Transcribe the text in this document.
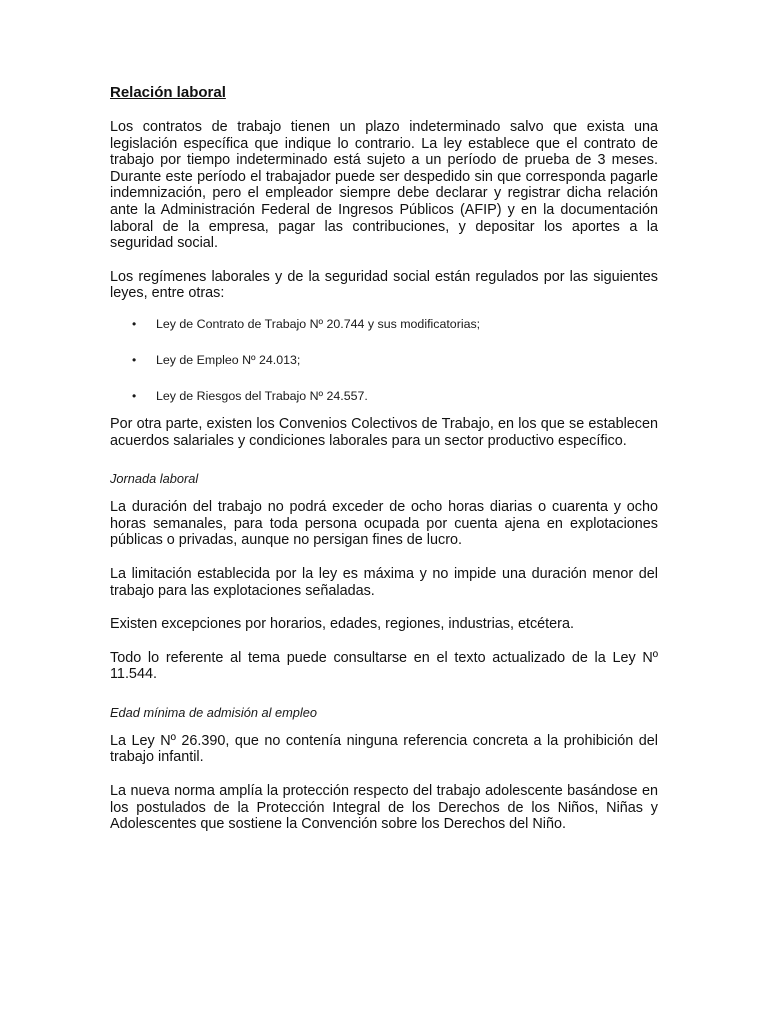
Relación laboral

Los contratos de trabajo tienen un plazo indeterminado salvo que exista una legislación específica que indique lo contrario. La ley establece que el contrato de trabajo por tiempo indeterminado está sujeto a un período de prueba de 3 meses. Durante este período el trabajador puede ser despedido sin que corresponda pagarle indemnización, pero el empleador siempre debe declarar y registrar dicha relación ante la Administración Federal de Ingresos Públicos (AFIP) y en la documentación laboral de la empresa, pagar las contribuciones, y depositar los aportes a la seguridad social.

Los regímenes laborales y de la seguridad social están regulados por las siguientes leyes, entre otras:

• Ley de Contrato de Trabajo Nº 20.744 y sus modificatorias;
• Ley de Empleo Nº 24.013;
• Ley de Riesgos del Trabajo Nº 24.557.

Por otra parte, existen los Convenios Colectivos de Trabajo, en los que se establecen acuerdos salariales y condiciones laborales para un sector productivo específico.

Jornada laboral

La duración del trabajo no podrá exceder de ocho horas diarias o cuarenta y ocho horas semanales, para toda persona ocupada por cuenta ajena en explotaciones públicas o privadas, aunque no persigan fines de lucro.

La limitación establecida por la ley es máxima y no impide una duración menor del trabajo para las explotaciones señaladas.

Existen excepciones por horarios, edades, regiones, industrias, etcétera.

Todo lo referente al tema puede consultarse en el texto actualizado de la Ley Nº 11.544.

Edad mínima de admisión al empleo

La Ley Nº 26.390, que no contenía ninguna referencia concreta a la prohibición del trabajo infantil.

La nueva norma amplía la protección respecto del trabajo adolescente basándose en los postulados de la Protección Integral de los Derechos de los Niños, Niñas y Adolescentes que sostiene la Convención sobre los Derechos del Niño.
